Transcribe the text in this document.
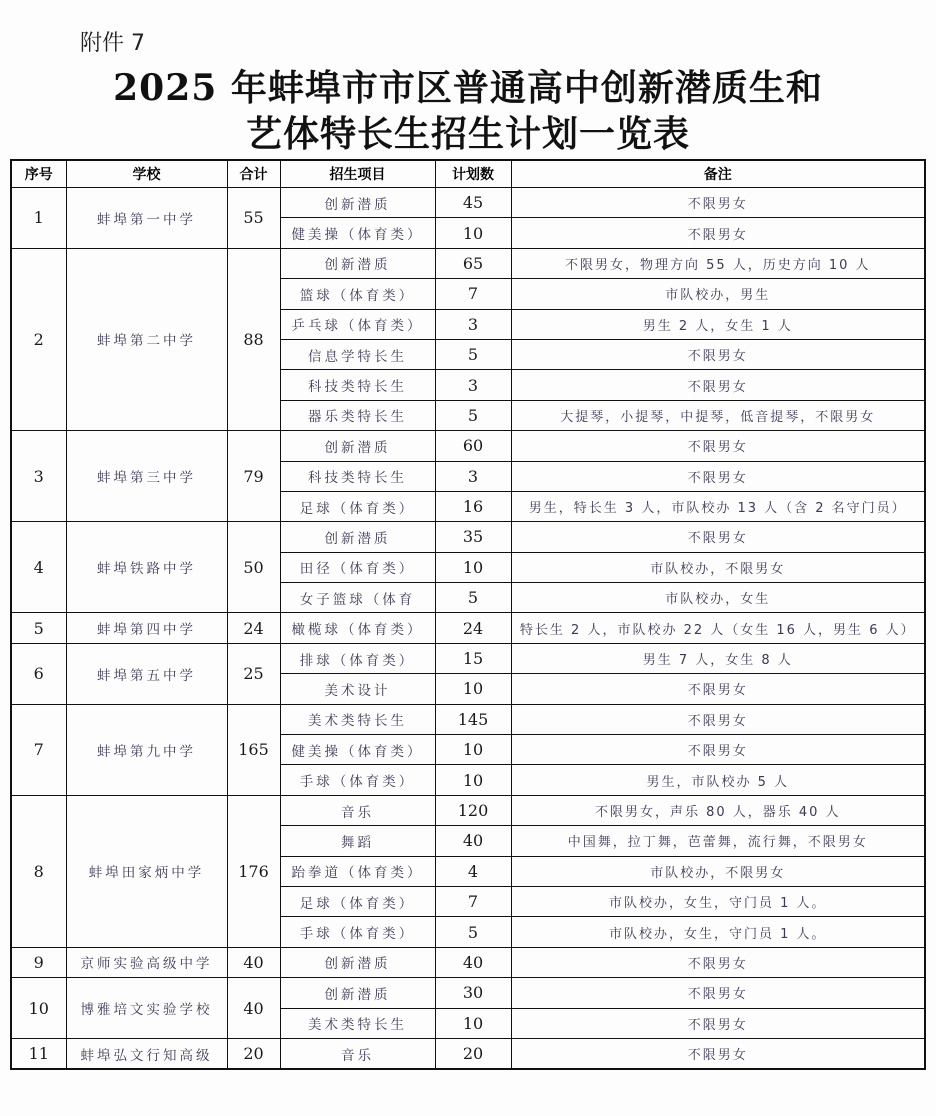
附件 7
2025 年蚌埠市市区普通高中创新潜质生和
艺体特长生招生计划一览表
序号	学校	合计	招生项目	计划数	备注
1	蚌埠第一中学	55	创新潜质	45	不限男女
			健美操（体育类）	10	不限男女
2	蚌埠第二中学	88	创新潜质	65	不限男女，物理方向 55 人，历史方向 10 人
			篮球（体育类）	7	市队校办，男生
			乒乓球（体育类）	3	男生 2 人，女生 1 人
			信息学特长生	5	不限男女
			科技类特长生	3	不限男女
			器乐类特长生	5	大提琴，小提琴，中提琴，低音提琴，不限男女
3	蚌埠第三中学	79	创新潜质	60	不限男女
			科技类特长生	3	不限男女
			足球（体育类）	16	男生，特长生 3 人，市队校办 13 人（含 2 名守门员）
4	蚌埠铁路中学	50	创新潜质	35	不限男女
			田径（体育类）	10	市队校办，不限男女
			女子篮球（体育	5	市队校办，女生
5	蚌埠第四中学	24	橄榄球（体育类）	24	特长生 2 人，市队校办 22 人（女生 16 人，男生 6 人）
6	蚌埠第五中学	25	排球（体育类）	15	男生 7 人，女生 8 人
			美术设计	10	不限男女
7	蚌埠第九中学	165	美术类特长生	145	不限男女
			健美操（体育类）	10	不限男女
			手球（体育类）	10	男生，市队校办 5 人
8	蚌埠田家炳中学	176	音乐	120	不限男女，声乐 80 人，器乐 40 人
			舞蹈	40	中国舞，拉丁舞，芭蕾舞，流行舞，不限男女
			跆拳道（体育类）	4	市队校办，不限男女
			足球（体育类）	7	市队校办，女生，守门员 1 人。
			手球（体育类）	5	市队校办，女生，守门员 1 人。
9	京师实验高级中学	40	创新潜质	40	不限男女
10	博雅培文实验学校	40	创新潜质	30	不限男女
			美术类特长生	10	不限男女
11	蚌埠弘文行知高级	20	音乐	20	不限男女
